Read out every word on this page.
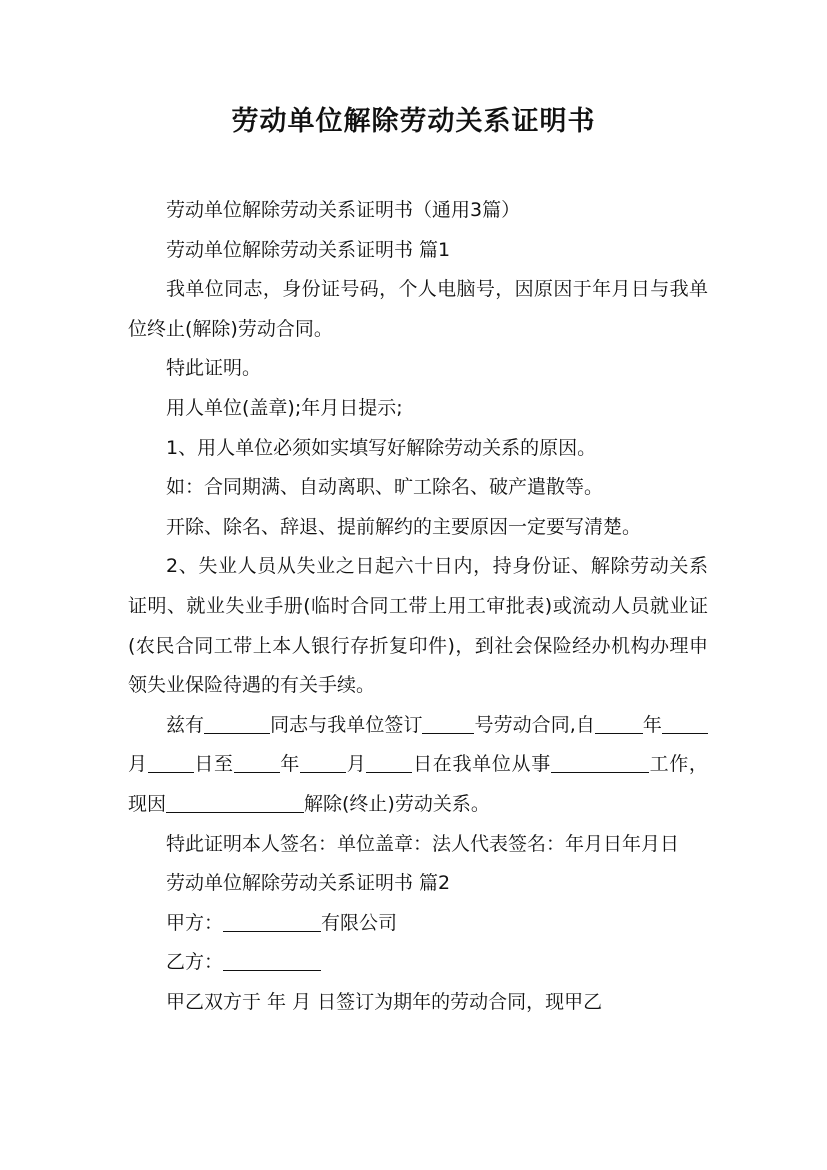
劳动单位解除劳动关系证明书

劳动单位解除劳动关系证明书（通用3篇）

劳动单位解除劳动关系证明书 篇1

我单位同志，身份证号码，个人电脑号，因原因于年月日与我单位终止(解除)劳动合同。

特此证明。

用人单位(盖章);年月日提示;

1、用人单位必须如实填写好解除劳动关系的原因。

如：合同期满、自动离职、旷工除名、破产遣散等。

开除、除名、辞退、提前解约的主要原因一定要写清楚。

2、失业人员从失业之日起六十日内，持身份证、解除劳动关系证明、就业失业手册(临时合同工带上用工审批表)或流动人员就业证(农民合同工带上本人银行存折复印件)，到社会保险经办机构办理申领失业保险待遇的有关手续。

兹有	同志与我单位签订	号劳动合同,自	年月 日至 年 月 日在我单位从事	工作，现因	解除(终止)劳动关系。

特此证明本人签名：单位盖章：法人代表签名：年月日年月日

劳动单位解除劳动关系证明书 篇2

甲方：	有限公司

乙方：

甲乙双方于 年 月 日签订为期年的劳动合同，现甲乙
